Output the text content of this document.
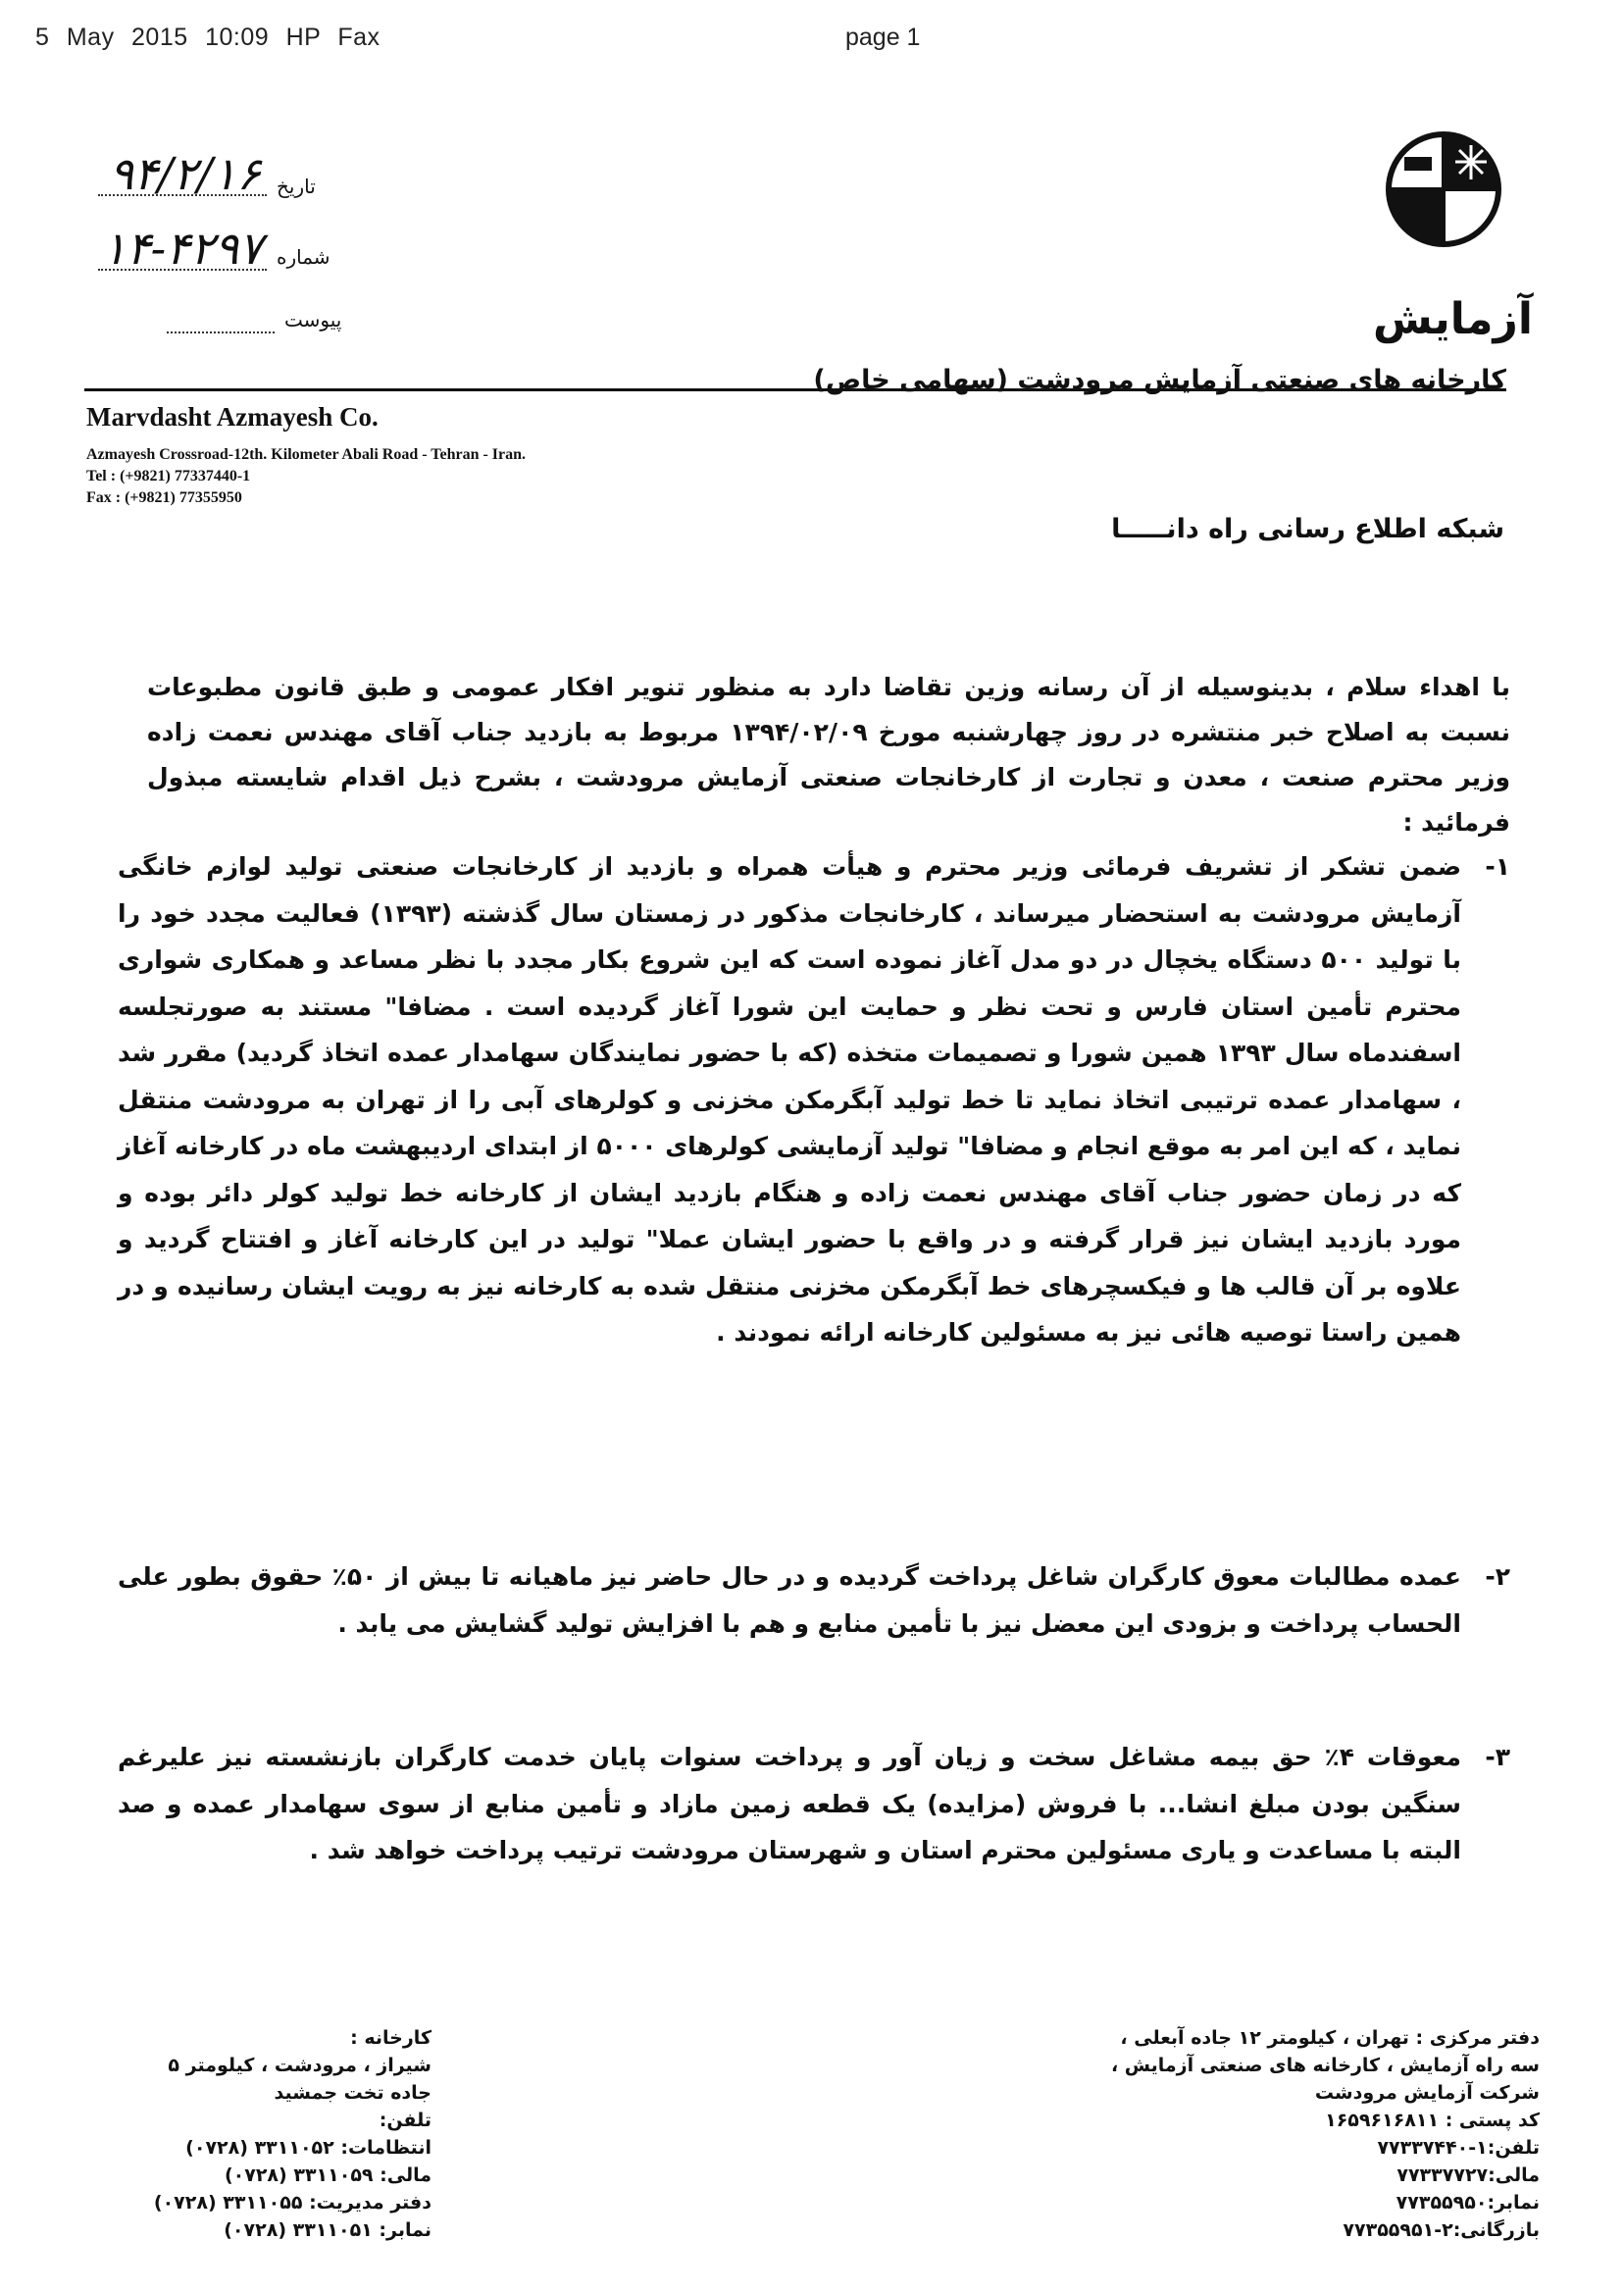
5 May 2015 10:09 HP Fax	page 1
۹۴/۲/۱۶ تاریخ
۱۴-۴۲۹۷ شماره
پیوست
M
آزمایش
کارخانه های صنعتی آزمایش مرودشت (سهامی خاص)
Marvdasht Azmayesh Co.
Azmayesh Crossroad-12th. Kilometer Abali Road - Tehran - Iran.
Tel : (+9821) 77337440-1
Fax : (+9821) 77355950
شبکه اطلاع رسانی راه دانـــــا
با اهداء سلام ، بدینوسیله از آن رسانه وزین تقاضا دارد به منظور تنویر افکار عمومی و طبق قانون مطبوعات نسبت به اصلاح خبر منتشره در روز چهارشنبه مورخ ۱۳۹۴/۰۲/۰۹ مربوط به بازدید جناب آقای مهندس نعمت زاده وزیر محترم صنعت ، معدن و تجارت از کارخانجات صنعتی آزمایش مرودشت ، بشرح ذیل اقدام شایسته مبذول فرمائید :
۱-
ضمن تشکر از تشریف فرمائی وزیر محترم و هیأت همراه و بازدید از کارخانجات صنعتی تولید لوازم خانگی آزمایش مرودشت به استحضار میرساند ، کارخانجات مذکور در زمستان سال گذشته (۱۳۹۳) فعالیت مجدد خود را با تولید ۵۰۰ دستگاه یخچال در دو مدل آغاز نموده است که این شروع بکار مجدد با نظر مساعد و همکاری شواری محترم تأمین استان فارس و تحت نظر و حمایت این شورا آغاز گردیده است . مضافا" مستند به صورتجلسه اسفندماه سال ۱۳۹۳ همین شورا و تصمیمات متخذه (که با حضور نمایندگان سهامدار عمده اتخاذ گردید) مقرر شد ، سهامدار عمده ترتیبی اتخاذ نماید تا خط تولید آبگرمکن مخزنی و کولرهای آبی را از تهران به مرودشت منتقل نماید ، که این امر به موقع انجام و مضافا" تولید آزمایشی کولرهای ۵۰۰۰ از ابتدای اردیبهشت ماه در کارخانه آغاز که در زمان حضور جناب آقای مهندس نعمت زاده و هنگام بازدید ایشان از کارخانه خط تولید کولر دائر بوده و مورد بازدید ایشان نیز قرار گرفته و در واقع با حضور ایشان عملا" تولید در این کارخانه آغاز و افتتاح گردید و علاوه بر آن قالب ها و فیکسچرهای خط آبگرمکن مخزنی منتقل شده به کارخانه نیز به رویت ایشان رسانیده و در همین راستا توصیه هائی نیز به مسئولین کارخانه ارائه نمودند .
۲-
عمده مطالبات معوق کارگران شاغل پرداخت گردیده و در حال حاضر نیز ماهیانه تا بیش از ۵۰٪ حقوق بطور علی الحساب پرداخت و بزودی این معضل نیز با تأمین منابع و هم با افزایش تولید گشایش می یابد .
۳-
معوقات ۴٪ حق بیمه مشاغل سخت و زیان آور و پرداخت سنوات پایان خدمت کارگران بازنشسته نیز علیرغم سنگین بودن مبلغ انشا... با فروش (مزایده) یک قطعه زمین مازاد و تأمین منابع از سوی سهامدار عمده و صد البته با مساعدت و یاری مسئولین محترم استان و شهرستان مرودشت ترتیب پرداخت خواهد شد .
دفتر مرکزی : تهران ، کیلومتر ۱۲ جاده آبعلی ،
سه راه آزمایش ، کارخانه های صنعتی آزمایش ،
شرکت آزمایش مرودشت
کد پستی : ۱۶۵۹۶۱۶۸۱۱
تلفن:۱-۷۷۳۳۷۴۴۰
مالی:۷۷۳۳۷۷۲۷
نمابر:۷۷۳۵۵۹۵۰
بازرگانی:۲-۷۷۳۵۵۹۵۱
کارخانه :
شیراز ، مرودشت ، کیلومتر ۵
جاده تخت جمشید
تلفن:
انتظامات: ۳۳۱۱۰۵۲ (۰۷۲۸)
مالی: ۳۳۱۱۰۵۹ (۰۷۲۸)
دفتر مدیریت: ۳۳۱۱۰۵۵ (۰۷۲۸)
نمابر: ۳۳۱۱۰۵۱ (۰۷۲۸)
